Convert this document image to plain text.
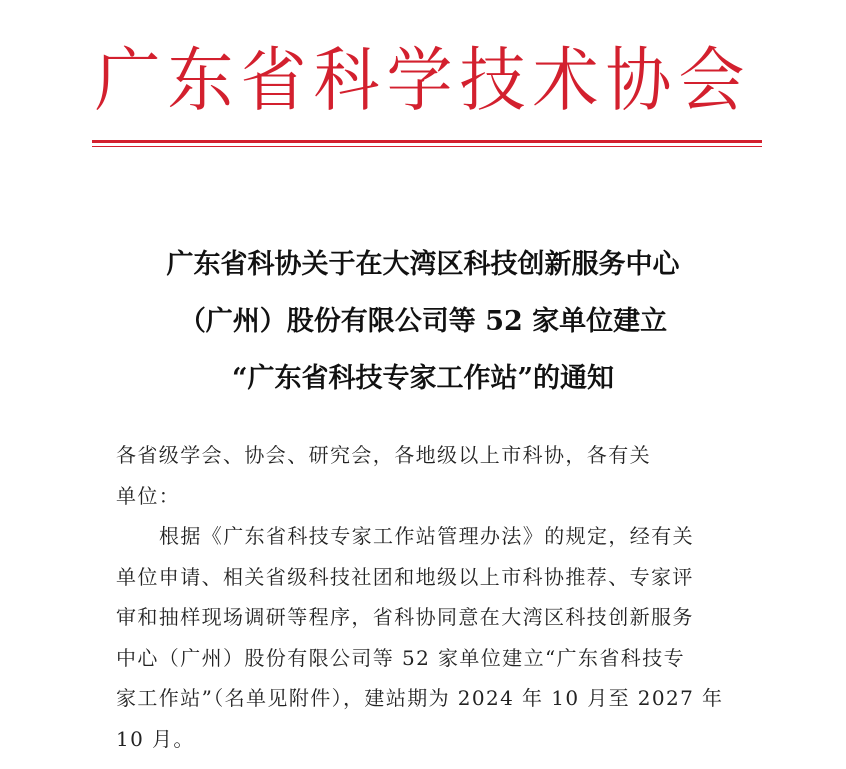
广东省科学技术协会
广东省科协关于在大湾区科技创新服务中心
（广州）股份有限公司等 52 家单位建立
“广东省科技专家工作站”的通知
各省级学会、协会、研究会，各地级以上市科协，各有关
单位：
根据《广东省科技专家工作站管理办法》的规定，经有关
单位申请、相关省级科技社团和地级以上市科协推荐、专家评
审和抽样现场调研等程序，省科协同意在大湾区科技创新服务
中心（广州）股份有限公司等 52 家单位建立“广东省科技专
家工作站”（名单见附件），建站期为 2024 年 10 月至 2027 年
10 月。
